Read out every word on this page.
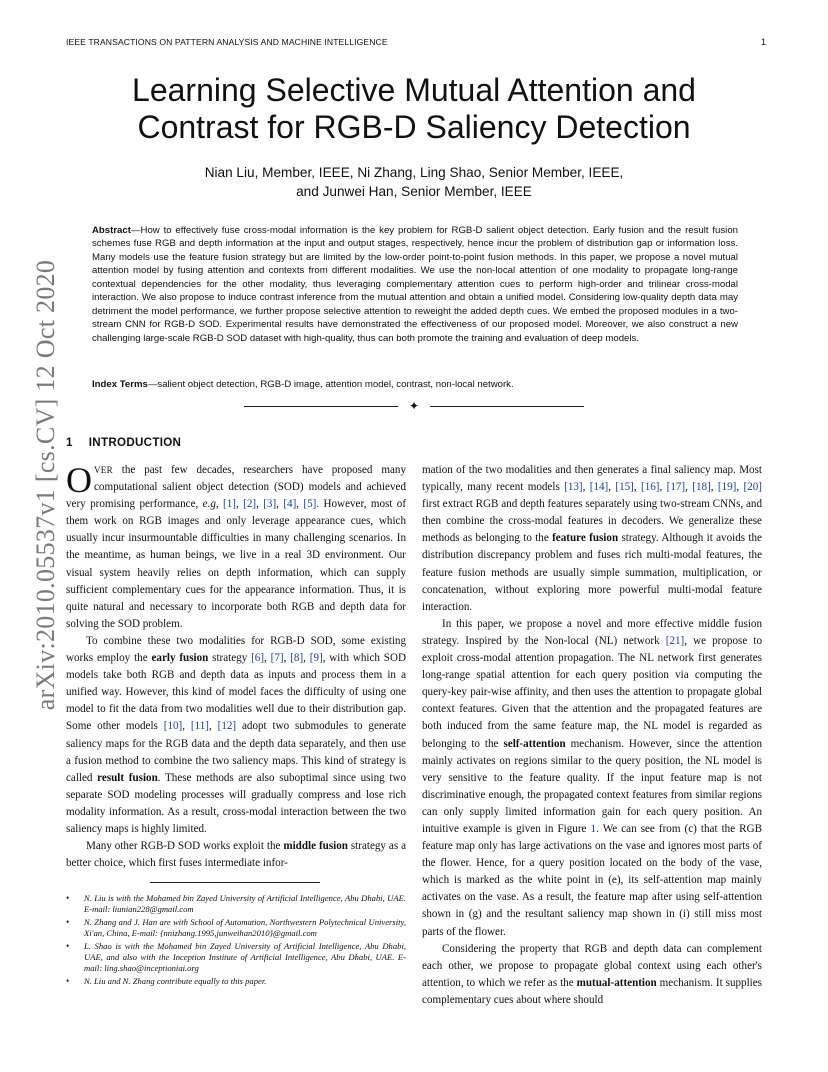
IEEE TRANSACTIONS ON PATTERN ANALYSIS AND MACHINE INTELLIGENCE	1
arXiv:2010.05537v1 [cs.CV] 12 Oct 2020
Learning Selective Mutual Attention and
Contrast for RGB-D Saliency Detection
Nian Liu, Member, IEEE, Ni Zhang, Ling Shao, Senior Member, IEEE,
and Junwei Han, Senior Member, IEEE

Abstract—How to effectively fuse cross-modal information is the key problem for RGB-D salient object detection. Early fusion and the result fusion schemes fuse RGB and depth information at the input and output stages, respectively, hence incur the problem of distribution gap or information loss. Many models use the feature fusion strategy but are limited by the low-order point-to-point fusion methods. In this paper, we propose a novel mutual attention model by fusing attention and contexts from different modalities. We use the non-local attention of one modality to propagate long-range contextual dependencies for the other modality, thus leveraging complementary attention cues to perform high-order and trilinear cross-modal interaction. We also propose to induce contrast inference from the mutual attention and obtain a unified model. Considering low-quality depth data may detriment the model performance, we further propose selective attention to reweight the added depth cues. We embed the proposed modules in a two-stream CNN for RGB-D SOD. Experimental results have demonstrated the effectiveness of our proposed model. Moreover, we also construct a new challenging large-scale RGB-D SOD dataset with high-quality, thus can both promote the training and evaluation of deep models.

Index Terms—salient object detection, RGB-D image, attention model, contrast, non-local network.
✦
1 INTRODUCTION

OVER the past few decades, researchers have proposed many computational salient object detection (SOD) models and achieved very promising performance, e.g, [1], [2], [3], [4], [5]. However, most of them work on RGB images and only leverage appearance cues, which usually incur insurmountable difficulties in many challenging scenarios. In the meantime, as human beings, we live in a real 3D environment. Our visual system heavily relies on depth information, which can supply sufficient complementary cues for the appearance information. Thus, it is quite natural and necessary to incorporate both RGB and depth data for solving the SOD problem.

To combine these two modalities for RGB-D SOD, some existing works employ the early fusion strategy [6], [7], [8], [9], with which SOD models take both RGB and depth data as inputs and process them in a unified way. However, this kind of model faces the difficulty of using one model to fit the data from two modalities well due to their distribution gap. Some other models [10], [11], [12] adopt two submodules to generate saliency maps for the RGB data and the depth data separately, and then use a fusion method to combine the two saliency maps. This kind of strategy is called result fusion. These methods are also suboptimal since using two separate SOD modeling processes will gradually compress and lose rich modality information. As a result, cross-modal interaction between the two saliency maps is highly limited.

Many other RGB-D SOD works exploit the middle fusion strategy as a better choice, which first fuses intermediate infor-

• N. Liu is with the Mohamed bin Zayed University of Artificial Intelligence, Abu Dhabi, UAE. E-mail: liunian228@gmail.com
• N. Zhang and J. Han are with School of Automation, Northwestern Polytechnical University, Xi'an, China, E-mail: {nnizhang.1995,junweihan2010}@gmail.com
• L. Shao is with the Mohamed bin Zayed University of Artificial Intelligence, Abu Dhabi, UAE, and also with the Inception Institute of Artificial Intelligence, Abu Dhabi, UAE. E-mail: ling.shao@inceptioniai.org
• N. Liu and N. Zhang contribute equally to this paper.

mation of the two modalities and then generates a final saliency map. Most typically, many recent models [13], [14], [15], [16], [17], [18], [19], [20] first extract RGB and depth features separately using two-stream CNNs, and then combine the cross-modal features in decoders. We generalize these methods as belonging to the feature fusion strategy. Although it avoids the distribution discrepancy problem and fuses rich multi-modal features, the feature fusion methods are usually simple summation, multiplication, or concatenation, without exploring more powerful multi-modal feature interaction.

In this paper, we propose a novel and more effective middle fusion strategy. Inspired by the Non-local (NL) network [21], we propose to exploit cross-modal attention propagation. The NL network first generates long-range spatial attention for each query position via computing the query-key pair-wise affinity, and then uses the attention to propagate global context features. Given that the attention and the propagated features are both induced from the same feature map, the NL model is regarded as belonging to the self-attention mechanism. However, since the attention mainly activates on regions similar to the query position, the NL model is very sensitive to the feature quality. If the input feature map is not discriminative enough, the propagated context features from similar regions can only supply limited information gain for each query position. An intuitive example is given in Figure 1. We can see from (c) that the RGB feature map only has large activations on the vase and ignores most parts of the flower. Hence, for a query position located on the body of the vase, which is marked as the white point in (e), its self-attention map mainly activates on the vase. As a result, the feature map after using self-attention shown in (g) and the resultant saliency map shown in (i) still miss most parts of the flower.

Considering the property that RGB and depth data can complement each other, we propose to propagate global context using each other's attention, to which we refer as the mutual-attention mechanism. It supplies complementary cues about where should
